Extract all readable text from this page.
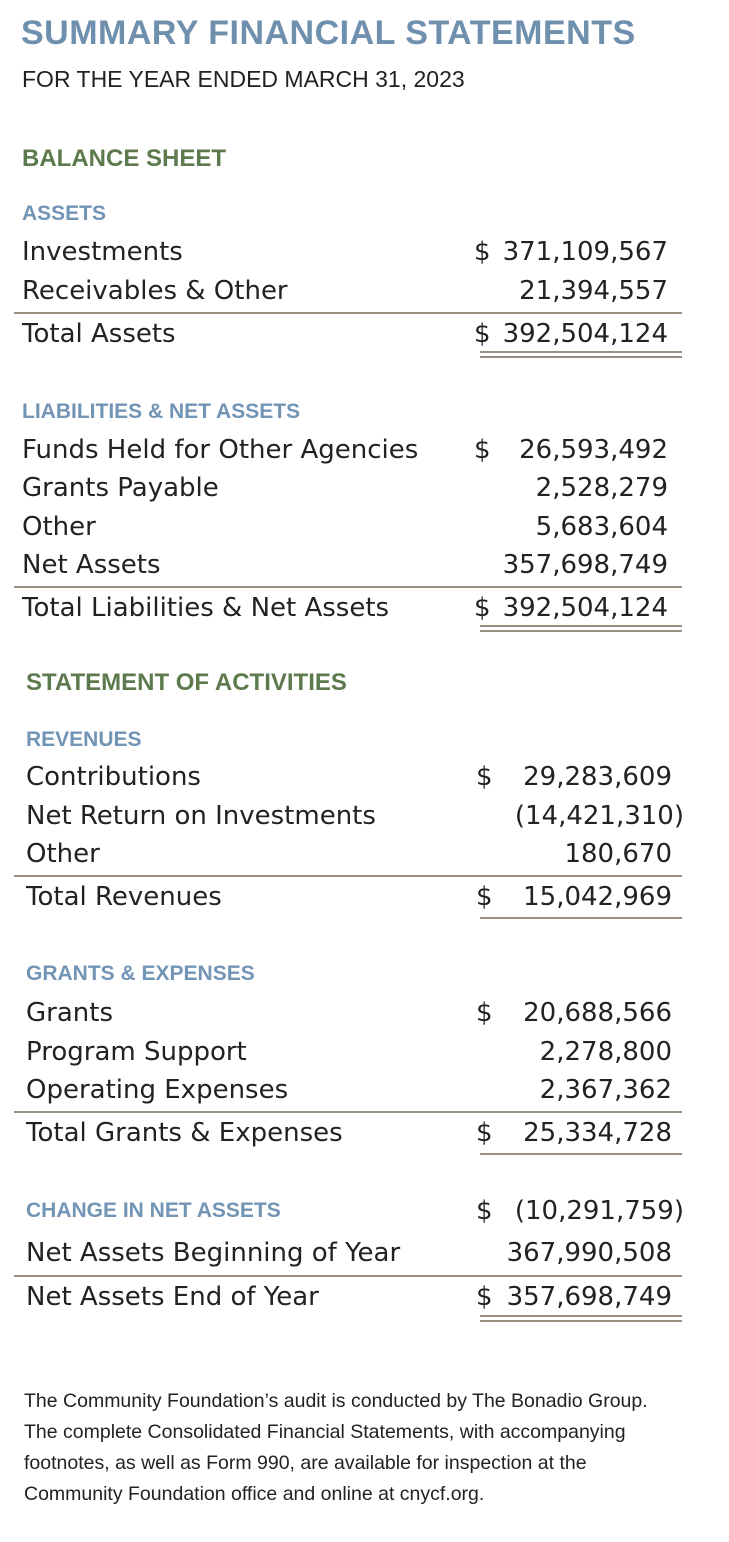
SUMMARY FINANCIAL STATEMENTS
FOR THE YEAR ENDED MARCH 31, 2023
BALANCE SHEET
ASSETS
Investments	$ 371,109,567
Receivables & Other	21,394,557
Total Assets	$ 392,504,124
LIABILITIES & NET ASSETS
Funds Held for Other Agencies $	26,593,492
Grants Payable	2,528,279
Other	5,683,604
Net Assets	357,698,749
Total Liabilities & Net Assets	$ 392,504,124
STATEMENT OF ACTIVITIES
REVENUES
Contributions	$	29,283,609
Net Return on Investments	(14,421,310)
Other	180,670
Total Revenues	$	15,042,969
GRANTS & EXPENSES
Grants	$	20,688,566
Program Support	2,278,800
Operating Expenses	2,367,362
Total Grants & Expenses	$	25,334,728
CHANGE IN NET ASSETS	$ (10,291,759)
Net Assets Beginning of Year	367,990,508
Net Assets End of Year	$ 357,698,749
The Community Foundation’s audit is conducted by The Bonadio Group.
The complete Consolidated Financial Statements, with accompanying
footnotes, as well as Form 990, are available for inspection at the
Community Foundation office and online at cnycf.org.
